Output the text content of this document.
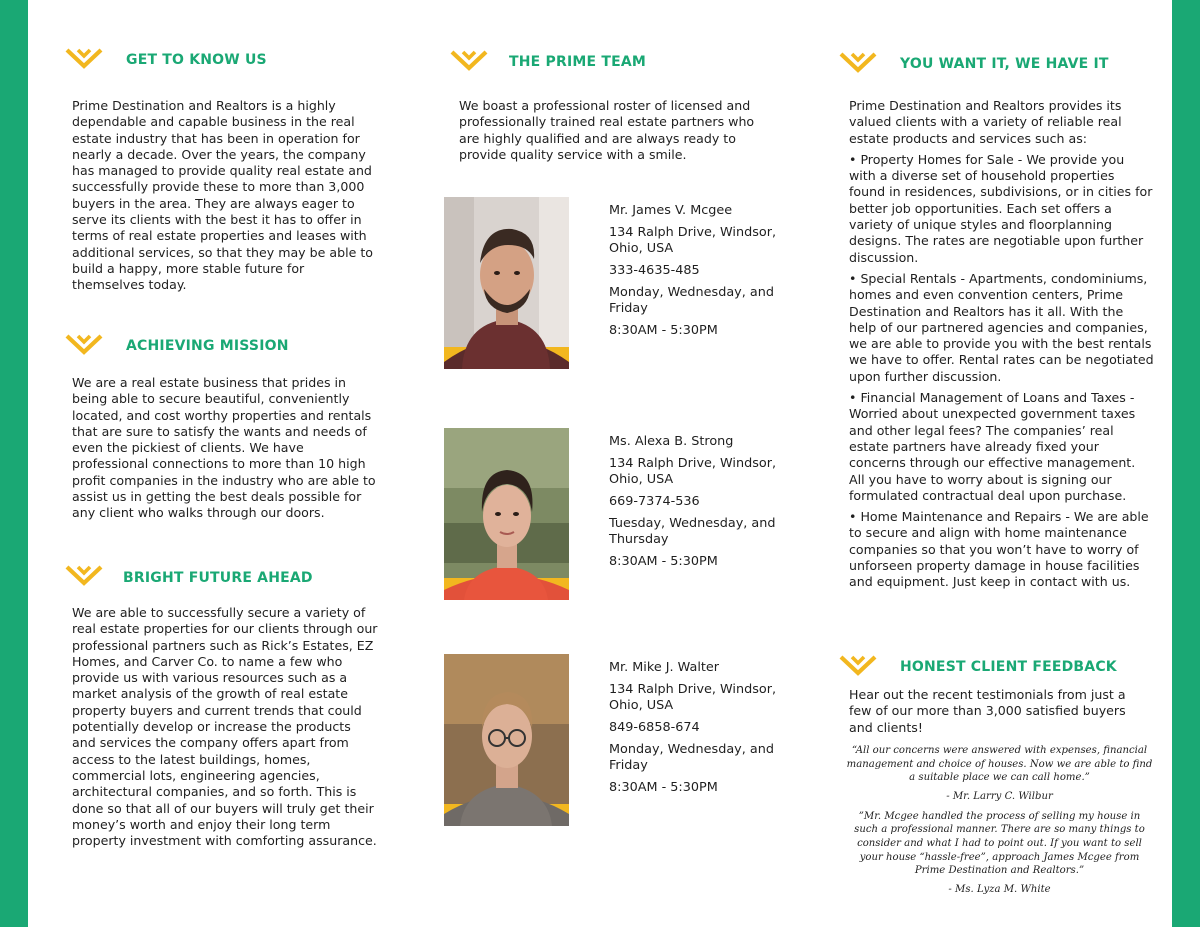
GET TO KNOW US
Prime Destination and Realtors is a highly dependable and capable business in the real estate industry that has been in operation for nearly a decade. Over the years, the company has managed to provide quality real estate and successfully provide these to more than 3,000 buyers in the area. They are always eager to serve its clients with the best it has to offer in terms of real estate properties and leases with additional services, so that they may be able to build a happy, more stable future for themselves today.
ACHIEVING MISSION
We are a real estate business that prides in being able to secure beautiful, conveniently located, and cost worthy properties and rentals that are sure to satisfy the wants and needs of even the pickiest of clients. We have professional connections to more than 10 high profit companies in the industry who are able to assist us in getting the best deals possible for any client who walks through our doors.
BRIGHT FUTURE AHEAD
We are able to successfully secure a variety of real estate properties for our clients through our professional partners such as Rick’s Estates, EZ Homes, and Carver Co. to name a few who provide us with various resources such as a market analysis of the growth of real estate property buyers and current trends that could potentially develop or increase the products and services the company offers apart from access to the latest buildings, homes, commercial lots, engineering agencies, architectural companies, and so forth. This is done so that all of our buyers will truly get their money’s worth and enjoy their long term property investment with comforting assurance.
THE PRIME TEAM
We boast a professional roster of licensed and professionally trained real estate partners who are highly qualified and are always ready to provide quality service with a smile.
Mr. James V. Mcgee
134 Ralph Drive, Windsor, Ohio, USA
333-4635-485
Monday, Wednesday, and Friday
8:30AM - 5:30PM
Ms. Alexa B. Strong
134 Ralph Drive, Windsor, Ohio, USA
669-7374-536
Tuesday, Wednesday, and Thursday
8:30AM - 5:30PM
Mr. Mike J. Walter
134 Ralph Drive, Windsor, Ohio, USA
849-6858-674
Monday, Wednesday, and Friday
8:30AM - 5:30PM
YOU WANT IT, WE HAVE IT
Prime Destination and Realtors provides its valued clients with a variety of reliable real estate products and services such as:
• Property Homes for Sale - We provide you with a diverse set of household properties found in residences, subdivisions, or in cities for better job opportunities. Each set offers a variety of unique styles and floorplanning designs. The rates are negotiable upon further discussion.
• Special Rentals - Apartments, condominiums, homes and even convention centers, Prime Destination and Realtors has it all. With the help of our partnered agencies and companies, we are able to provide you with the best rentals we have to offer. Rental rates can be negotiated upon further discussion.
• Financial Management of Loans and Taxes - Worried about unexpected government taxes and other legal fees? The companies’ real estate partners have already fixed your concerns through our effective management. All you have to worry about is signing our formulated contractual deal upon purchase.
• Home Maintenance and Repairs - We are able to secure and align with home maintenance companies so that you won’t have to worry of unforseen property damage in house facilities and equipment. Just keep in contact with us.
HONEST CLIENT FEEDBACK
Hear out the recent testimonials from just a few of our more than 3,000 satisfied buyers and clients!
“All our concerns were answered with expenses, financial management and choice of houses. Now we are able to find a suitable place we can call home.”
- Mr. Larry C. Wilbur
”Mr. Mcgee handled the process of selling my house in such a professional manner. There are so many things to consider and what I had to point out. If you want to sell your house “hassle-free”, approach James Mcgee from Prime Destination and Realtors.”
- Ms. Lyza M. White
